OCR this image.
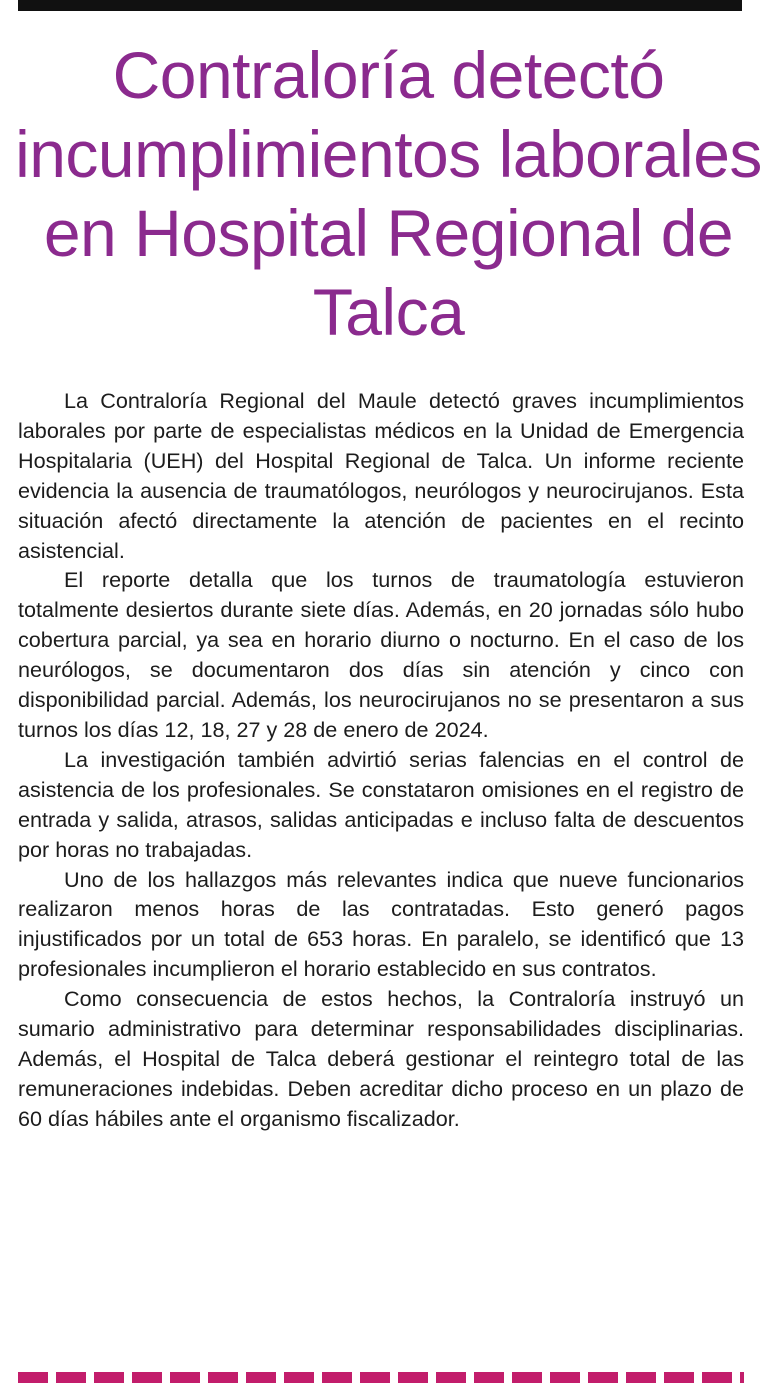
Contraloría detectó incumplimientos laborales en Hospital Regional de Talca

La Contraloría Regional del Maule detectó graves incumplimientos laborales por parte de especialistas médicos en la Unidad de Emergencia Hospitalaria (UEH) del Hospital Regional de Talca. Un informe reciente evidencia la ausencia de traumatólogos, neurólogos y neurocirujanos. Esta situación afectó directamente la atención de pacientes en el recinto asistencial.

El reporte detalla que los turnos de traumatología estuvieron totalmente desiertos durante siete días. Además, en 20 jornadas sólo hubo cobertura parcial, ya sea en horario diurno o nocturno. En el caso de los neurólogos, se documentaron dos días sin atención y cinco con disponibilidad parcial. Además, los neurocirujanos no se presentaron a sus turnos los días 12, 18, 27 y 28 de enero de 2024.

La investigación también advirtió serias falencias en el control de asistencia de los profesionales. Se constataron omisiones en el registro de entrada y salida, atrasos, salidas anticipadas e incluso falta de descuentos por horas no trabajadas.

Uno de los hallazgos más relevantes indica que nueve funcionarios realizaron menos horas de las contratadas. Esto generó pagos injustificados por un total de 653 horas. En paralelo, se identificó que 13 profesionales incumplieron el horario establecido en sus contratos.

Como consecuencia de estos hechos, la Contraloría instruyó un sumario administrativo para determinar responsabilidades disciplinarias. Además, el Hospital de Talca deberá gestionar el reintegro total de las remuneraciones indebidas. Deben acreditar dicho proceso en un plazo de 60 días hábiles ante el organismo fiscalizador.
